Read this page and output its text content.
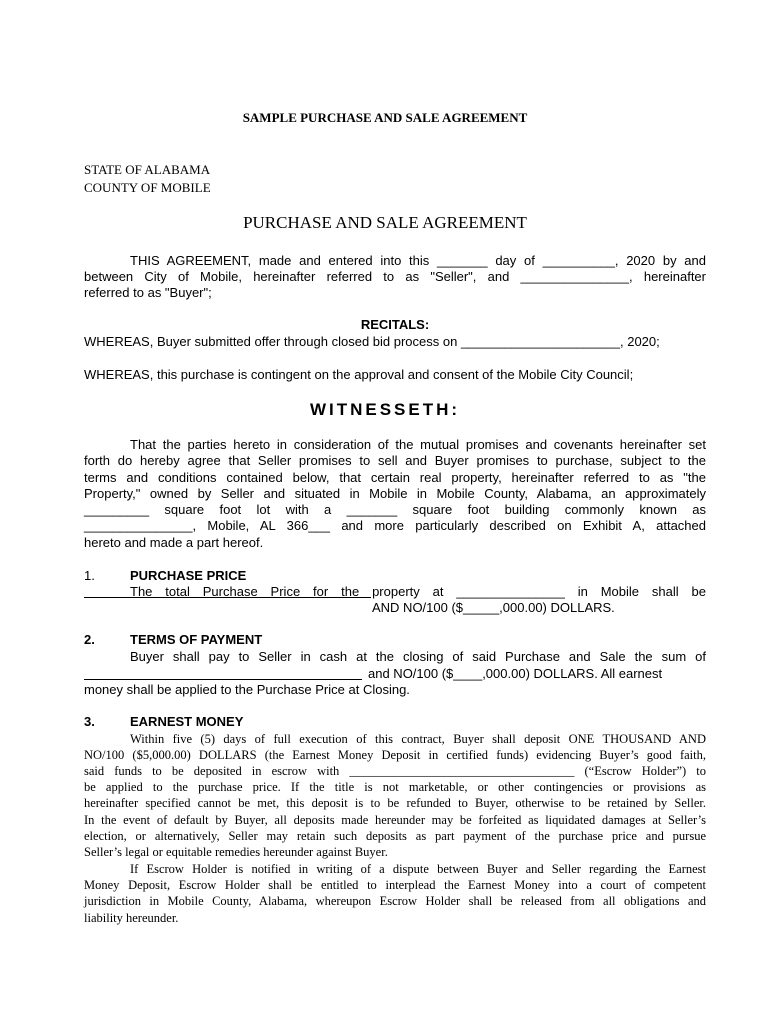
SAMPLE PURCHASE AND SALE AGREEMENT
STATE OF ALABAMA
COUNTY OF MOBILE
PURCHASE AND SALE AGREEMENT
THIS AGREEMENT, made and entered into this _______ day of __________, 2020 by and
between City of Mobile, hereinafter referred to as "Seller", and _______________, hereinafter
referred to as "Buyer";
RECITALS:
WHEREAS, Buyer submitted offer through closed bid process on ______________________, 2020;
WHEREAS, this purchase is contingent on the approval and consent of the Mobile City Council;
WITNESSETH:
That the parties hereto in consideration of the mutual promises and covenants hereinafter set
forth do hereby agree that Seller promises to sell and Buyer promises to purchase, subject to the
terms and conditions contained below, that certain real property, hereinafter referred to as "the
Property," owned by Seller and situated in Mobile in Mobile County, Alabama, an approximately
_________ square foot lot with a _______ square foot building commonly known as
_______________, Mobile, AL 366___ and more particularly described on Exhibit A, attached
hereto and made a part hereof.
1.	PURCHASE PRICE
The total Purchase Price for the property at _______________ in Mobile shall be
AND NO/100 ($_____,000.00) DOLLARS.
2.	TERMS OF PAYMENT
Buyer shall pay to Seller in cash at the closing of said Purchase and Sale the sum of
and NO/100 ($____,000.00) DOLLARS. All earnest
money shall be applied to the Purchase Price at Closing.
3.	EARNEST MONEY
Within five (5) days of full execution of this contract, Buyer shall deposit ONE THOUSAND AND
NO/100 ($5,000.00) DOLLARS (the Earnest Money Deposit in certified funds) evidencing Buyer’s good faith,
said funds to be deposited in escrow with ____________________________________ (“Escrow Holder”) to
be applied to the purchase price. If the title is not marketable, or other contingencies or provisions as
hereinafter specified cannot be met, this deposit is to be refunded to Buyer, otherwise to be retained by Seller.
In the event of default by Buyer, all deposits made hereunder may be forfeited as liquidated damages at Seller’s
election, or alternatively, Seller may retain such deposits as part payment of the purchase price and pursue
Seller’s legal or equitable remedies hereunder against Buyer.
If Escrow Holder is notified in writing of a dispute between Buyer and Seller regarding the Earnest
Money Deposit, Escrow Holder shall be entitled to interplead the Earnest Money into a court of competent
jurisdiction in Mobile County, Alabama, whereupon Escrow Holder shall be released from all obligations and
liability hereunder.
